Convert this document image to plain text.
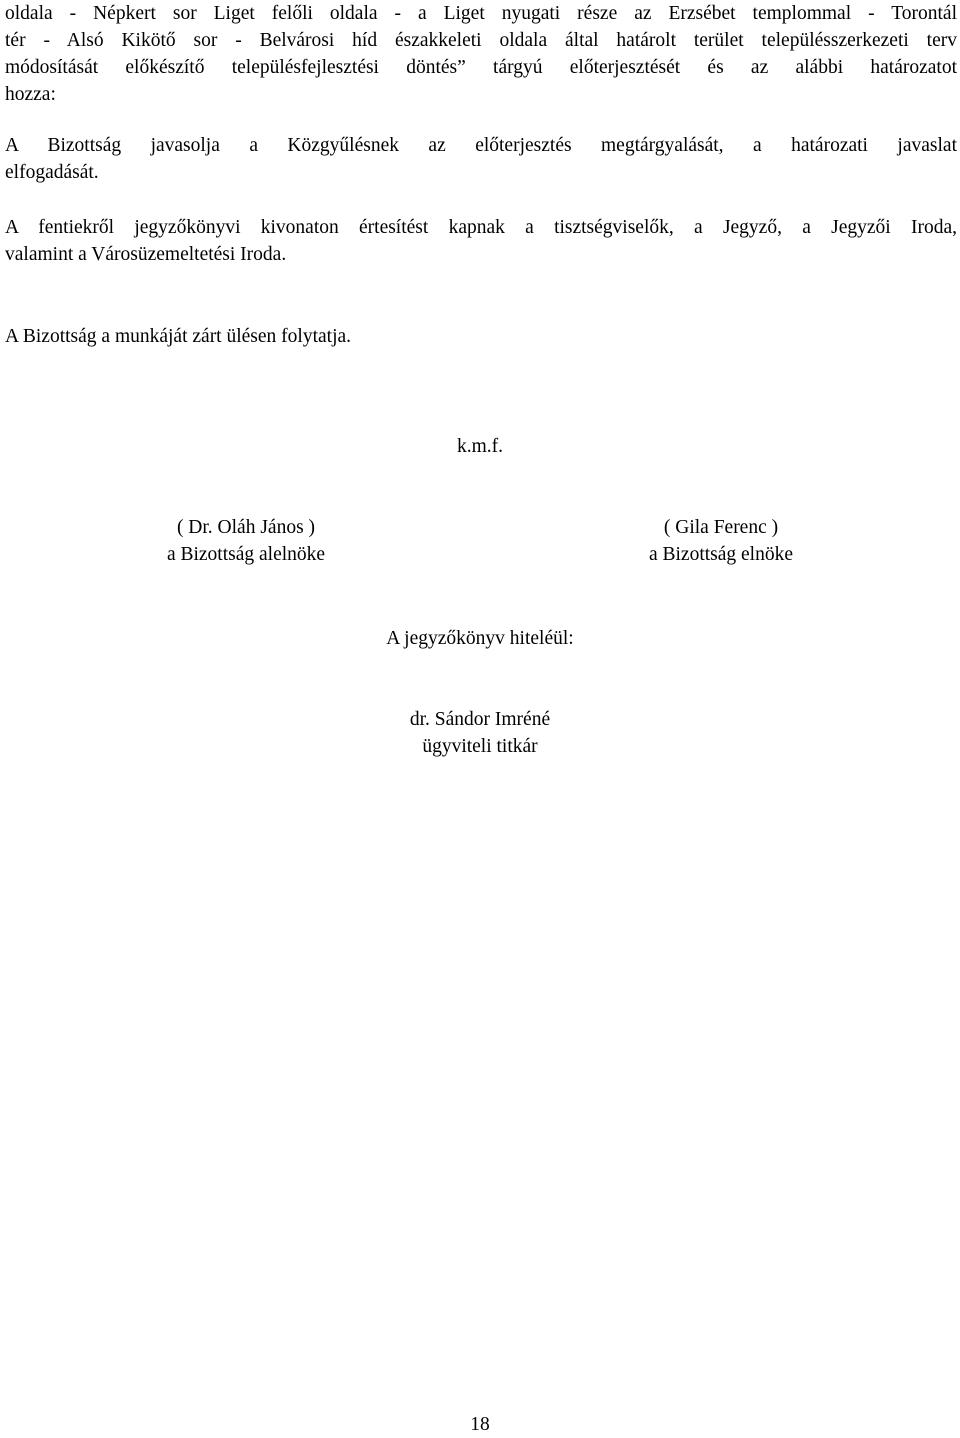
oldala - Népkert sor Liget felőli oldala - a Liget nyugati része az Erzsébet templommal - Torontál
tér - Alsó Kikötő sor - Belvárosi híd északkeleti oldala által határolt terület településszerkezeti terv
módosítását előkészítő településfejlesztési döntés” tárgyú előterjesztését és az alábbi határozatot
hozza:
A Bizottság javasolja a Közgyűlésnek az előterjesztés megtárgyalását, a határozati javaslat
elfogadását.
A fentiekről jegyzőkönyvi kivonaton értesítést kapnak a tisztségviselők, a Jegyző, a Jegyzői Iroda,
valamint a Városüzemeltetési Iroda.
A Bizottság a munkáját zárt ülésen folytatja.
k.m.f.
( Dr. Oláh János )
a Bizottság alelnöke
( Gila Ferenc )
a Bizottság elnöke
A jegyzőkönyv hiteléül:
dr. Sándor Imréné
ügyviteli titkár
18
